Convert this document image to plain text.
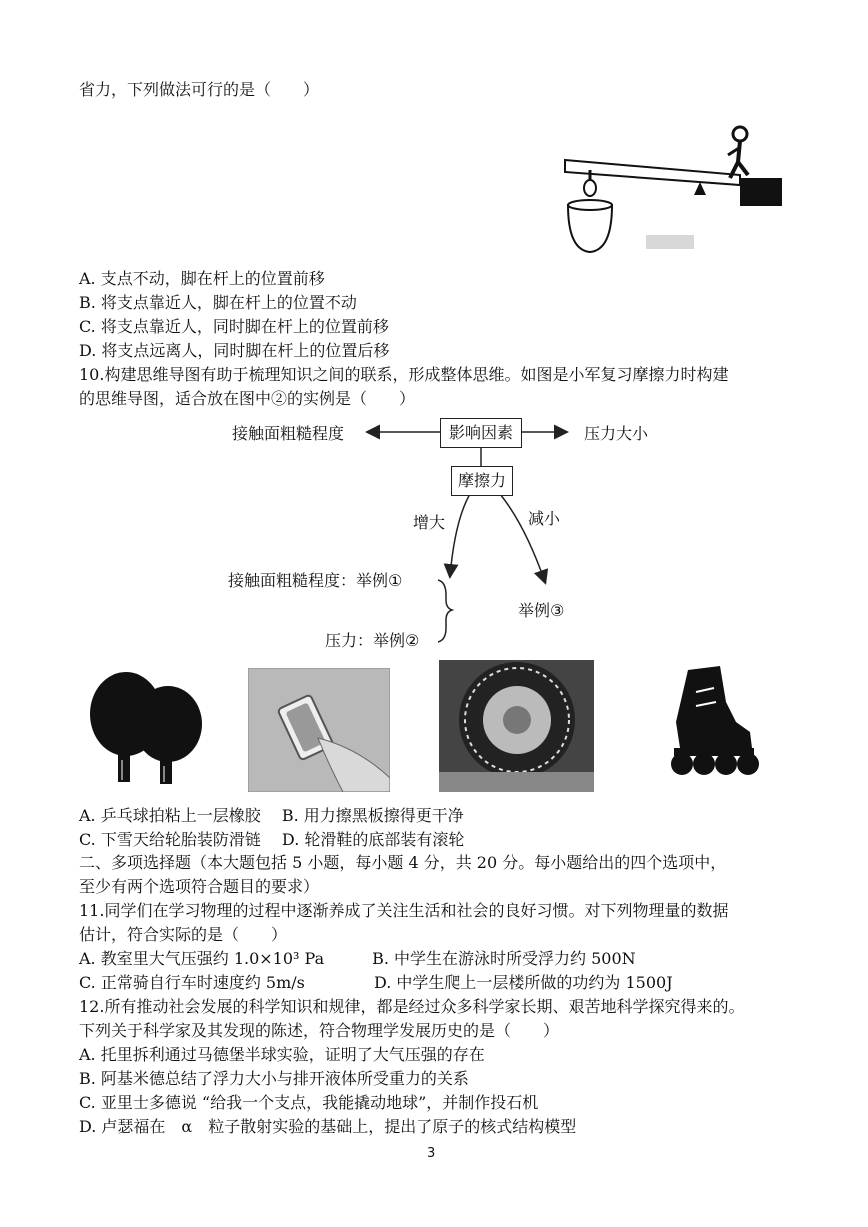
省力，下列做法可行的是（　　）
A. 支点不动，脚在杆上的位置前移
B. 将支点靠近人，脚在杆上的位置不动
C. 将支点靠近人，同时脚在杆上的位置前移
D. 将支点远离人，同时脚在杆上的位置后移
10.构建思维导图有助于梳理知识之间的联系，形成整体思维。如图是小军复习摩擦力时构建
的思维导图，适合放在图中②的实例是（　　）
接触面粗糙程度	影响因素	压力大小
摩擦力
增大	减小
接触面粗糙程度：举例①
举例③
压力：举例②
A. 乒乓球拍粘上一层橡胶　 B. 用力擦黑板擦得更干净
C. 下雪天给轮胎装防滑链　 D. 轮滑鞋的底部装有滚轮
二、多项选择题（本大题包括 5 小题，每小题 4 分，共 20 分。每小题给出的四个选项中，
至少有两个选项符合题目的要求）
11.同学们在学习物理的过程中逐渐养成了关注生活和社会的良好习惯。对下列物理量的数据
估计，符合实际的是（　　）
A. 教室里大气压强约 1.0×10³ Pa　　　B. 中学生在游泳时所受浮力约 500N
C. 正常骑自行车时速度约 5m/s　　　　 D. 中学生爬上一层楼所做的功约为 1500J
12.所有推动社会发展的科学知识和规律，都是经过众多科学家长期、艰苦地科学探究得来的。
下列关于科学家及其发现的陈述，符合物理学发展历史的是（　　）
A. 托里拆利通过马德堡半球实验，证明了大气压强的存在
B. 阿基米德总结了浮力大小与排开液体所受重力的关系
C. 亚里士多德说 “给我一个支点，我能撬动地球”，并制作投石机
D. 卢瑟福在　α　粒子散射实验的基础上，提出了原子的核式结构模型
3
